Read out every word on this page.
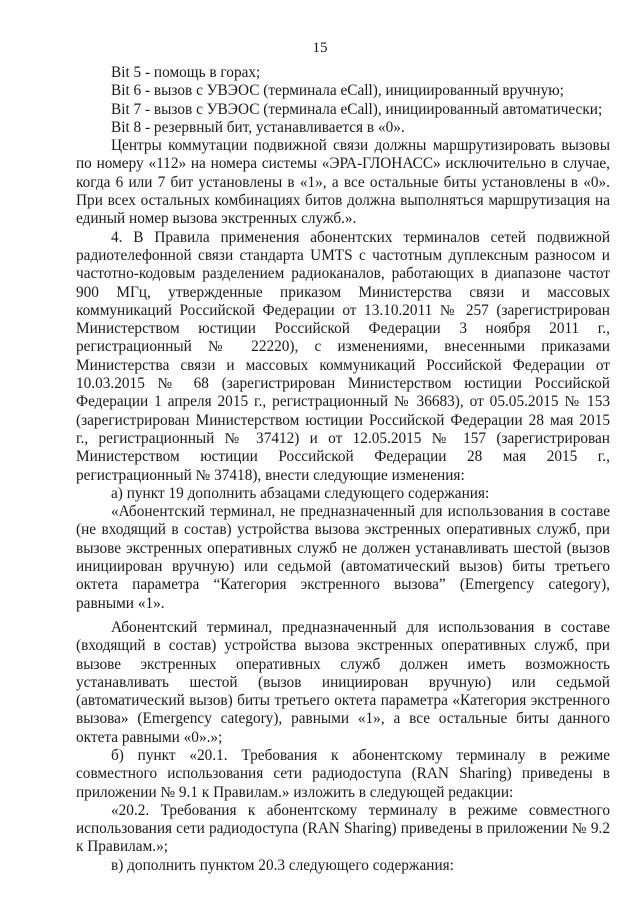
15

Bit 5 - помощь в горах;

Bit 6 - вызов с УВЭОС (терминала eCall), инициированный вручную;

Bit 7 - вызов с УВЭОС (терминала eCall), инициированный автоматически;

Bit 8 - резервный бит, устанавливается в «0».

Центры коммутации подвижной связи должны маршрутизировать вызовы по номеру «112» на номера системы «ЭРА-ГЛОНАСС» исключительно в случае, когда 6 или 7 бит установлены в «1», а все остальные биты установлены в «0». При всех остальных комбинациях битов должна выполняться маршрутизация на единый номер вызова экстренных служб.».

4. В Правила применения абонентских терминалов сетей подвижной радиотелефонной связи стандарта UMTS с частотным дуплексным разносом и частотно-кодовым разделением радиоканалов, работающих в диапазоне частот 900 МГц, утвержденные приказом Министерства связи и массовых коммуникаций Российской Федерации от 13.10.2011 № 257 (зарегистрирован Министерством юстиции Российской Федерации 3 ноября 2011 г., регистрационный № 22220), с изменениями, внесенными приказами Министерства связи и массовых коммуникаций Российской Федерации от 10.03.2015 № 68 (зарегистрирован Министерством юстиции Российской Федерации 1 апреля 2015 г., регистрационный № 36683), от 05.05.2015 № 153 (зарегистрирован Министерством юстиции Российской Федерации 28 мая 2015 г., регистрационный № 37412) и от 12.05.2015 № 157 (зарегистрирован Министерством юстиции Российской Федерации 28 мая 2015 г., регистрационный № 37418), внести следующие изменения:

а) пункт 19 дополнить абзацами следующего содержания:

«Абонентский терминал, не предназначенный для использования в составе (не входящий в состав) устройства вызова экстренных оперативных служб, при вызове экстренных оперативных служб не должен устанавливать шестой (вызов инициирован вручную) или седьмой (автоматический вызов) биты третьего октета параметра “Категория экстренного вызова” (Emergency category), равными «1».

Абонентский терминал, предназначенный для использования в составе (входящий в состав) устройства вызова экстренных оперативных служб, при вызове экстренных оперативных служб должен иметь возможность устанавливать шестой (вызов инициирован вручную) или седьмой (автоматический вызов) биты третьего октета параметра «Категория экстренного вызова» (Emergency category), равными «1», а все остальные биты данного октета равными «0».»;

б) пункт «20.1. Требования к абонентскому терминалу в режиме совместного использования сети радиодоступа (RAN Sharing) приведены в приложении № 9.1 к Правилам.» изложить в следующей редакции:

«20.2. Требования к абонентскому терминалу в режиме совместного использования сети радиодоступа (RAN Sharing) приведены в приложении № 9.2 к Правилам.»;

в) дополнить пунктом 20.3 следующего содержания:
